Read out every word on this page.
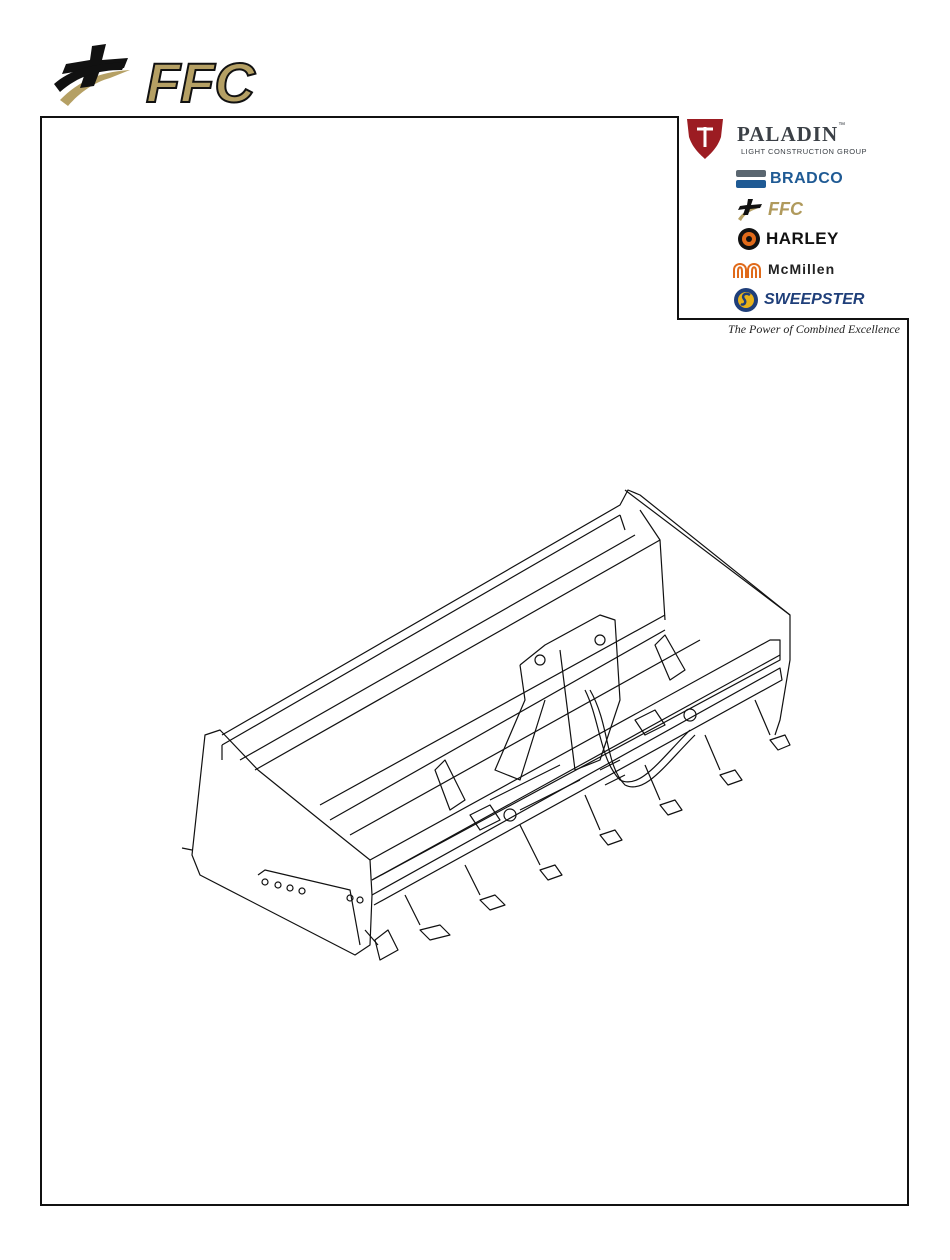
FFC
PALADIN ™
LIGHT CONSTRUCTION GROUP
BRADCO
FFC
HARLEY
McMillen
SWEEPSTER
The Power of Combined Excellence
